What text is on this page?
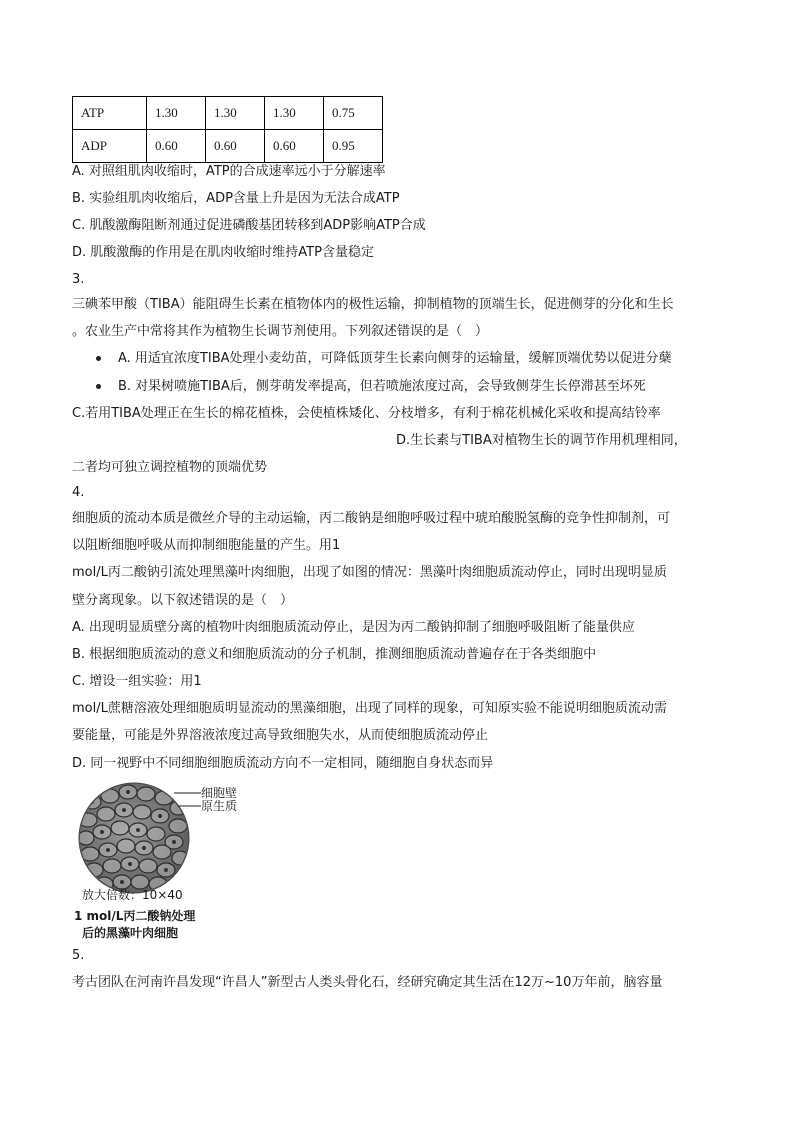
ATP	1.30	1.30	1.30	0.75
ADP	0.60	0.60	0.60	0.95
A. 对照组肌肉收缩时，ATP的合成速率远小于分解速率
B. 实验组肌肉收缩后，ADP含量上升是因为无法合成ATP
C. 肌酸激酶阻断剂通过促进磷酸基团转移到ADP影响ATP合成
D. 肌酸激酶的作用是在肌肉收缩时维持ATP含量稳定
3.
三碘苯甲酸（TIBA）能阻碍生长素在植物体内的极性运输，抑制植物的顶端生长，促进侧芽的分化和生长
。农业生产中常将其作为植物生长调节剂使用。下列叙述错误的是（　）
A. 用适宜浓度TIBA处理小麦幼苗，可降低顶芽生长素向侧芽的运输量，缓解顶端优势以促进分蘖
B. 对果树喷施TIBA后，侧芽萌发率提高，但若喷施浓度过高，会导致侧芽生长停滞甚至坏死
C.若用TIBA处理正在生长的棉花植株，会使植株矮化、分枝增多，有利于棉花机械化采收和提高结铃率
D.生长素与TIBA对植物生长的调节作用机理相同，
二者均可独立调控植物的顶端优势
4.
细胞质的流动本质是微丝介导的主动运输，丙二酸钠是细胞呼吸过程中琥珀酸脱氢酶的竞争性抑制剂，可
以阻断细胞呼吸从而抑制细胞能量的产生。用1
mol/L丙二酸钠引流处理黑藻叶肉细胞，出现了如图的情况：黑藻叶肉细胞质流动停止，同时出现明显质
壁分离现象。以下叙述错误的是（　）
A. 出现明显质壁分离的植物叶肉细胞质流动停止，是因为丙二酸钠抑制了细胞呼吸阻断了能量供应
B. 根据细胞质流动的意义和细胞质流动的分子机制，推测细胞质流动普遍存在于各类细胞中
C. 增设一组实验：用1
mol/L蔗糖溶液处理细胞质明显流动的黑藻细胞，出现了同样的现象，可知原实验不能说明细胞质流动需
要能量，可能是外界溶液浓度过高导致细胞失水，从而使细胞质流动停止
D. 同一视野中不同细胞细胞质流动方向不一定相同，随细胞自身状态而异
细胞壁
原生质
放大倍数：10×40
1 mol/L丙二酸钠处理
后的黑藻叶肉细胞
5.
考古团队在河南许昌发现“许昌人”新型古人类头骨化石，经研究确定其生活在12万~10万年前，脑容量
